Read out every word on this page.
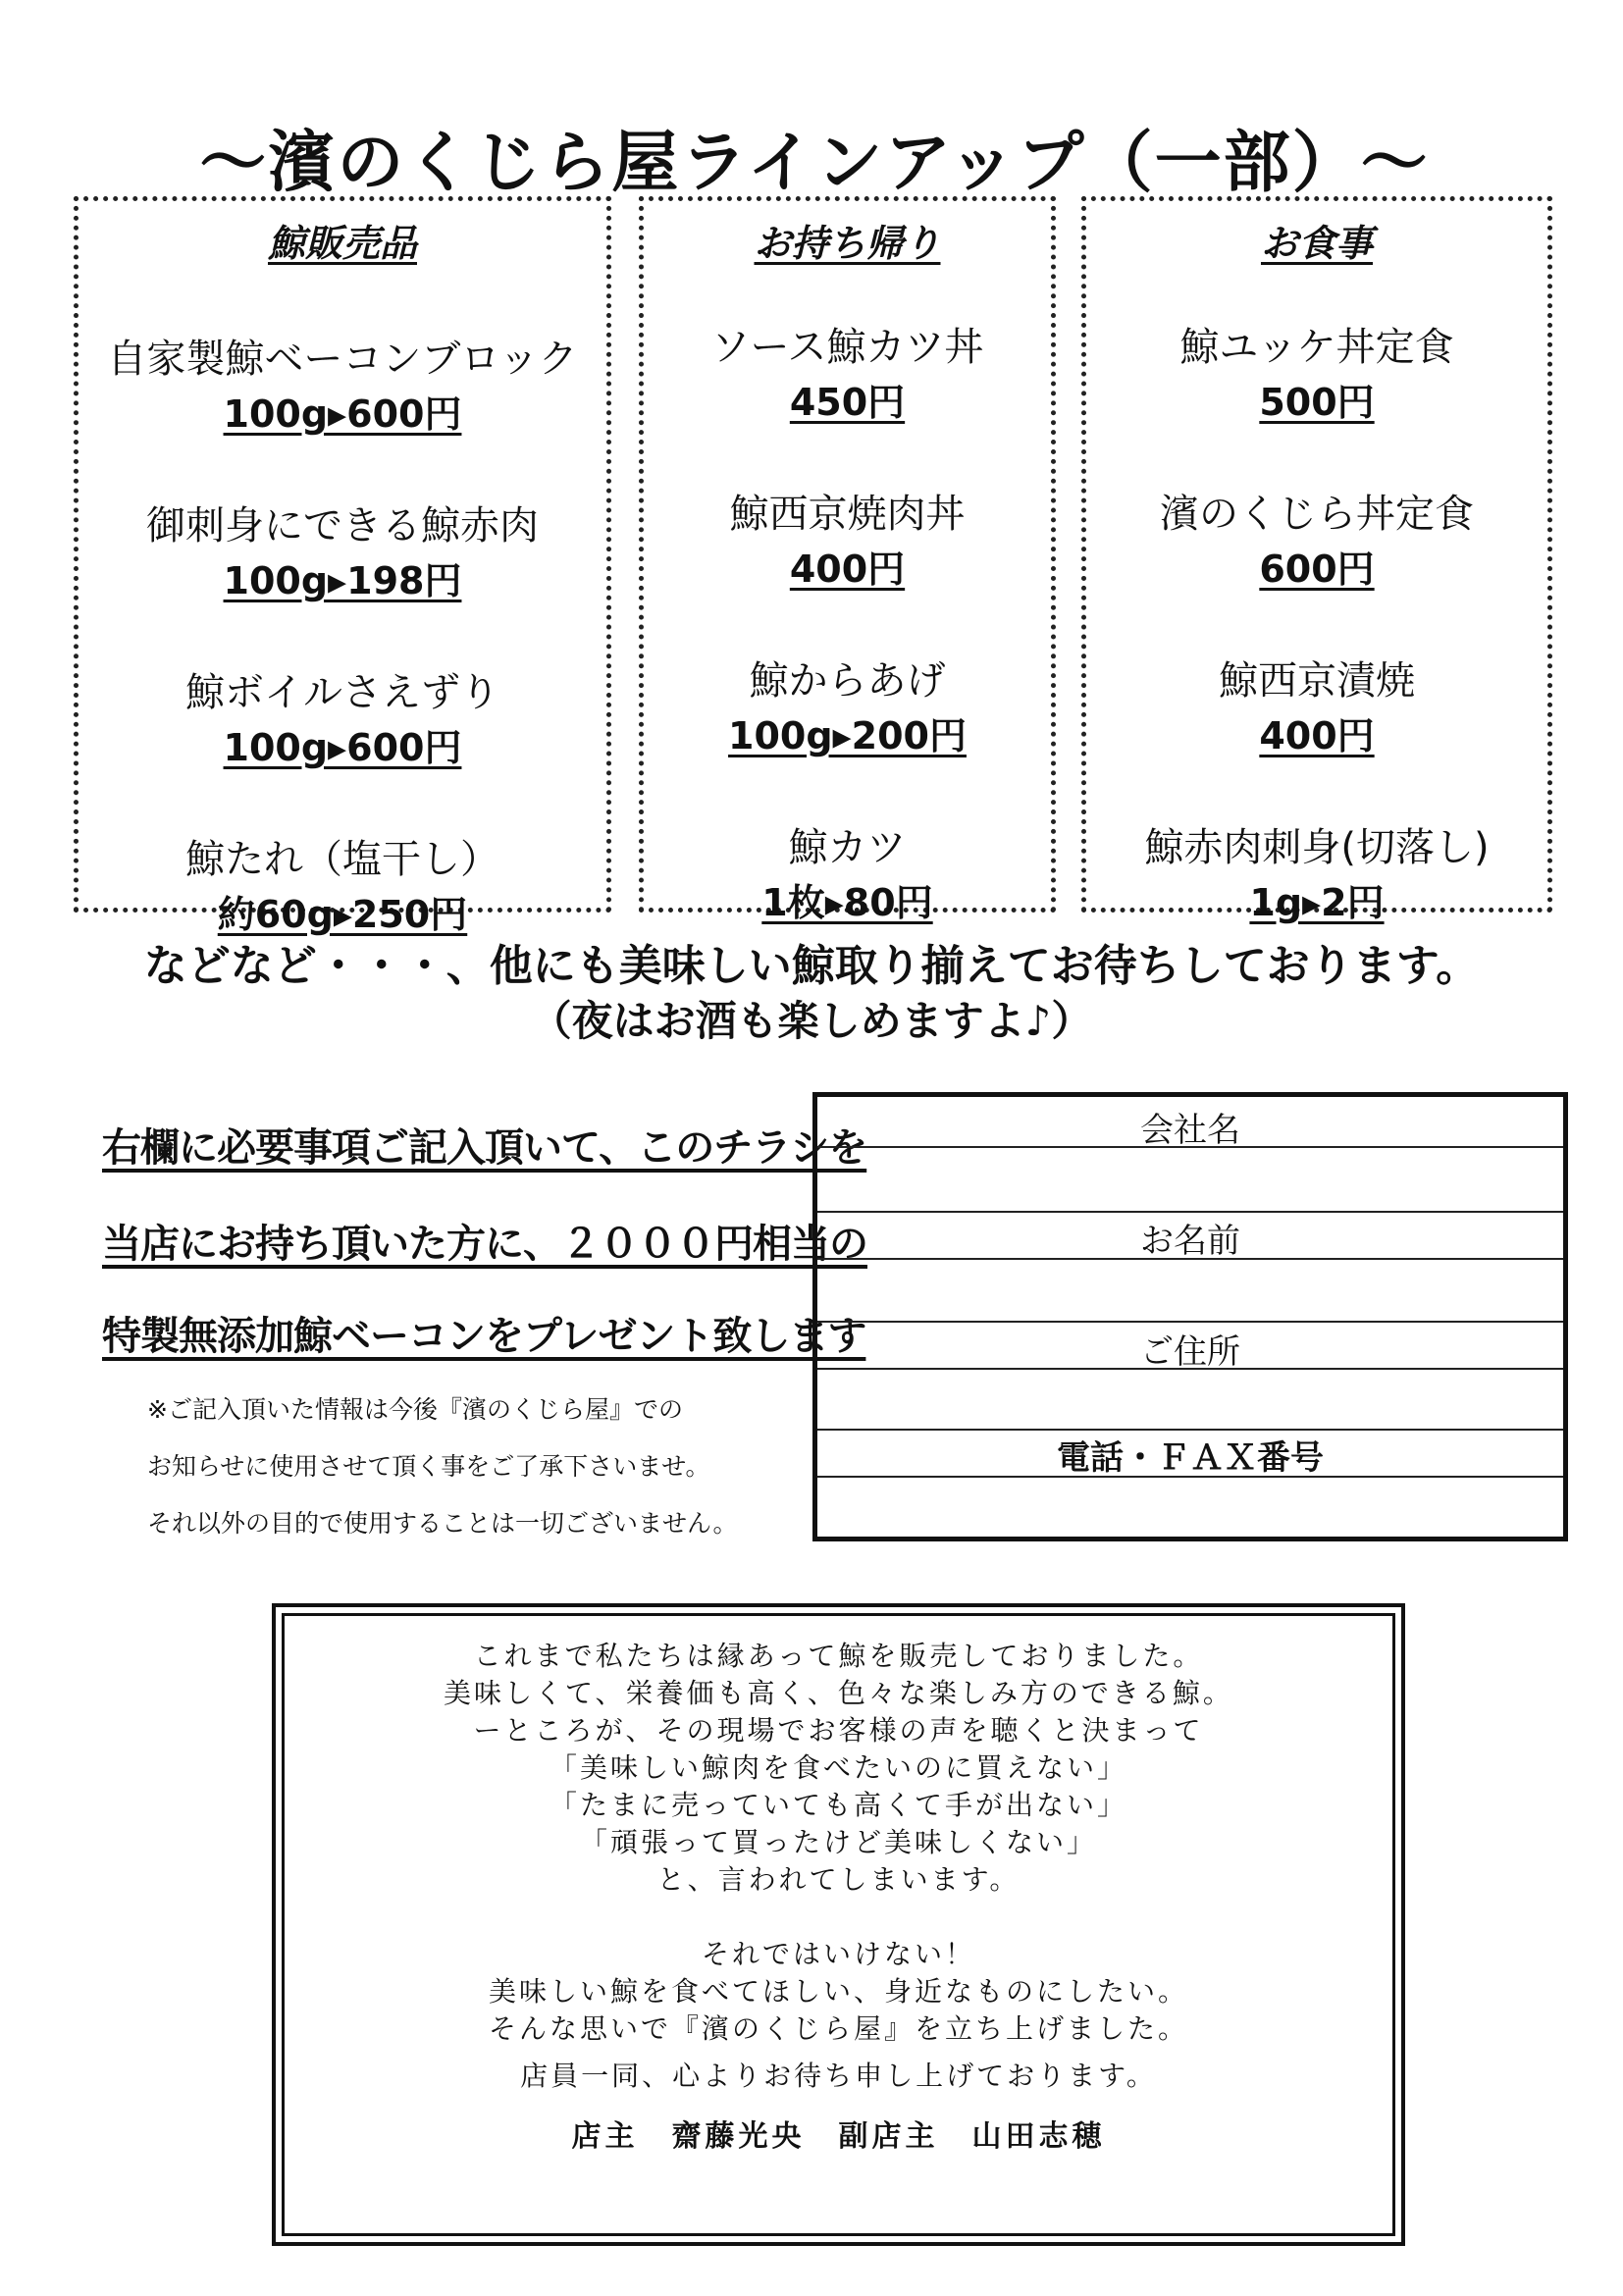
〜濱のくじら屋ラインアップ（一部）〜
鯨販売品
自家製鯨ベーコンブロック
100g▸600円
御刺身にできる鯨赤肉
100g▸198円
鯨ボイルさえずり
100g▸600円
鯨たれ（塩干し）
約60g▸250円
お持ち帰り
ソース鯨カツ丼
450円
鯨西京焼肉丼
400円
鯨からあげ
100g▸200円
鯨カツ
1枚▸80円
お食事
鯨ユッケ丼定食
500円
濱のくじら丼定食
600円
鯨西京漬焼
400円
鯨赤肉刺身(切落し)
1g▸2円
などなど・・・、他にも美味しい鯨取り揃えてお待ちしております。
（夜はお酒も楽しめますよ♪）
右欄に必要事項ご記入頂いて、このチラシを
当店にお持ち頂いた方に、２０００円相当の
特製無添加鯨ベーコンをプレゼント致します
※ご記入頂いた情報は今後『濱のくじら屋』での
お知らせに使用させて頂く事をご了承下さいませ。
それ以外の目的で使用することは一切ございません。
会社名
お名前
ご住所
電話・ＦＡＸ番号
これまで私たちは縁あって鯨を販売しておりました。
美味しくて、栄養価も高く、色々な楽しみ方のできる鯨。
ーところが、その現場でお客様の声を聴くと決まって
「美味しい鯨肉を食べたいのに買えない」
「たまに売っていても高くて手が出ない」
「頑張って買ったけど美味しくない」
と、言われてしまいます。
それではいけない！
美味しい鯨を食べてほしい、身近なものにしたい。
そんな思いで『濱のくじら屋』を立ち上げました。
店員一同、心よりお待ち申し上げております。
店主　齋藤光央　副店主　山田志穂
